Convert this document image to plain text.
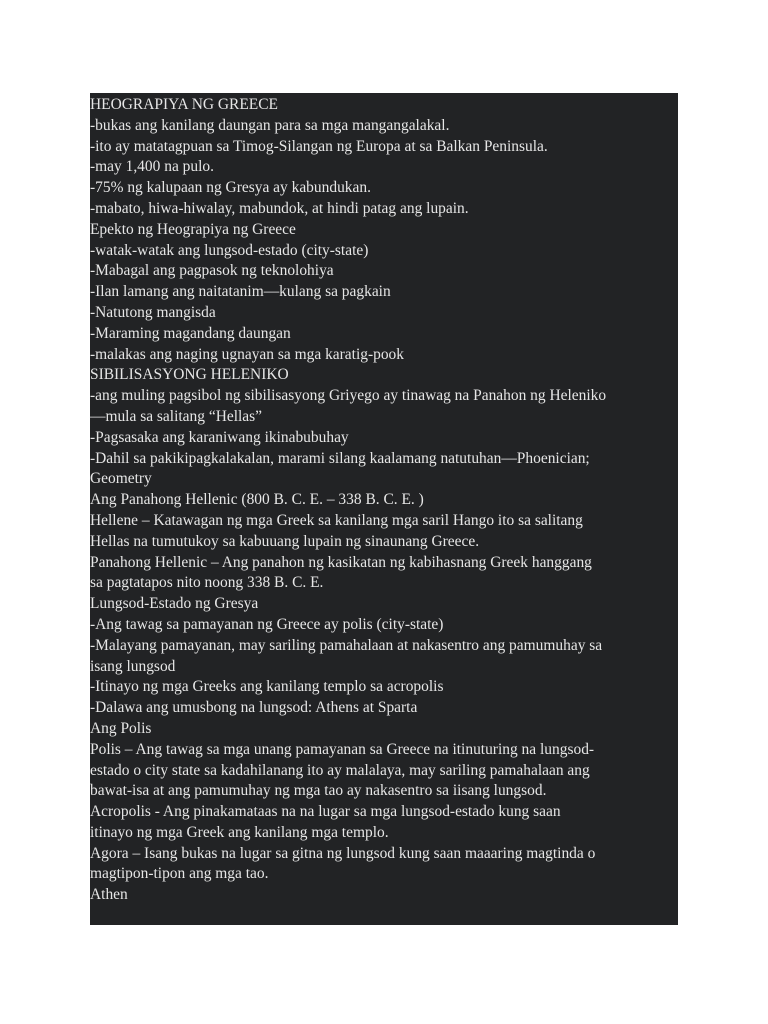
HEOGRAPIYA NG GREECE
-bukas ang kanilang daungan para sa mga mangangalakal.
-ito ay matatagpuan sa Timog-Silangan ng Europa at sa Balkan Peninsula.
-may 1,400 na pulo.
-75% ng kalupaan ng Gresya ay kabundukan.
-mabato, hiwa-hiwalay, mabundok, at hindi patag ang lupain.
Epekto ng Heograpiya ng Greece
-watak-watak ang lungsod-estado (city-state)
-Mabagal ang pagpasok ng teknolohiya
-Ilan lamang ang naitatanim—kulang sa pagkain
-Natutong mangisda
-Maraming magandang daungan
-malakas ang naging ugnayan sa mga karatig-pook
SIBILISASYONG HELENIKO
-ang muling pagsibol ng sibilisasyong Griyego ay tinawag na Panahon ng Heleniko
—mula sa salitang “Hellas”
-Pagsasaka ang karaniwang ikinabubuhay
-Dahil sa pakikipagkalakalan, marami silang kaalamang natutuhan—Phoenician;
Geometry
Ang Panahong Hellenic (800 B. C. E. – 338 B. C. E. )
Hellene – Katawagan ng mga Greek sa kanilang mga saril Hango ito sa salitang
Hellas na tumutukoy sa kabuuang lupain ng sinaunang Greece.
Panahong Hellenic – Ang panahon ng kasikatan ng kabihasnang Greek hanggang
sa pagtatapos nito noong 338 B. C. E.
Lungsod-Estado ng Gresya
-Ang tawag sa pamayanan ng Greece ay polis (city-state)
-Malayang pamayanan, may sariling pamahalaan at nakasentro ang pamumuhay sa
isang lungsod
-Itinayo ng mga Greeks ang kanilang templo sa acropolis
-Dalawa ang umusbong na lungsod: Athens at Sparta
Ang Polis
Polis – Ang tawag sa mga unang pamayanan sa Greece na itinuturing na lungsod-
estado o city state sa kadahilanang ito ay malalaya, may sariling pamahalaan ang
bawat-isa at ang pamumuhay ng mga tao ay nakasentro sa iisang lungsod.
Acropolis - Ang pinakamataas na na lugar sa mga lungsod-estado kung saan
itinayo ng mga Greek ang kanilang mga templo.
Agora – Isang bukas na lugar sa gitna ng lungsod kung saan maaaring magtinda o
magtipon-tipon ang mga tao.
Athen
